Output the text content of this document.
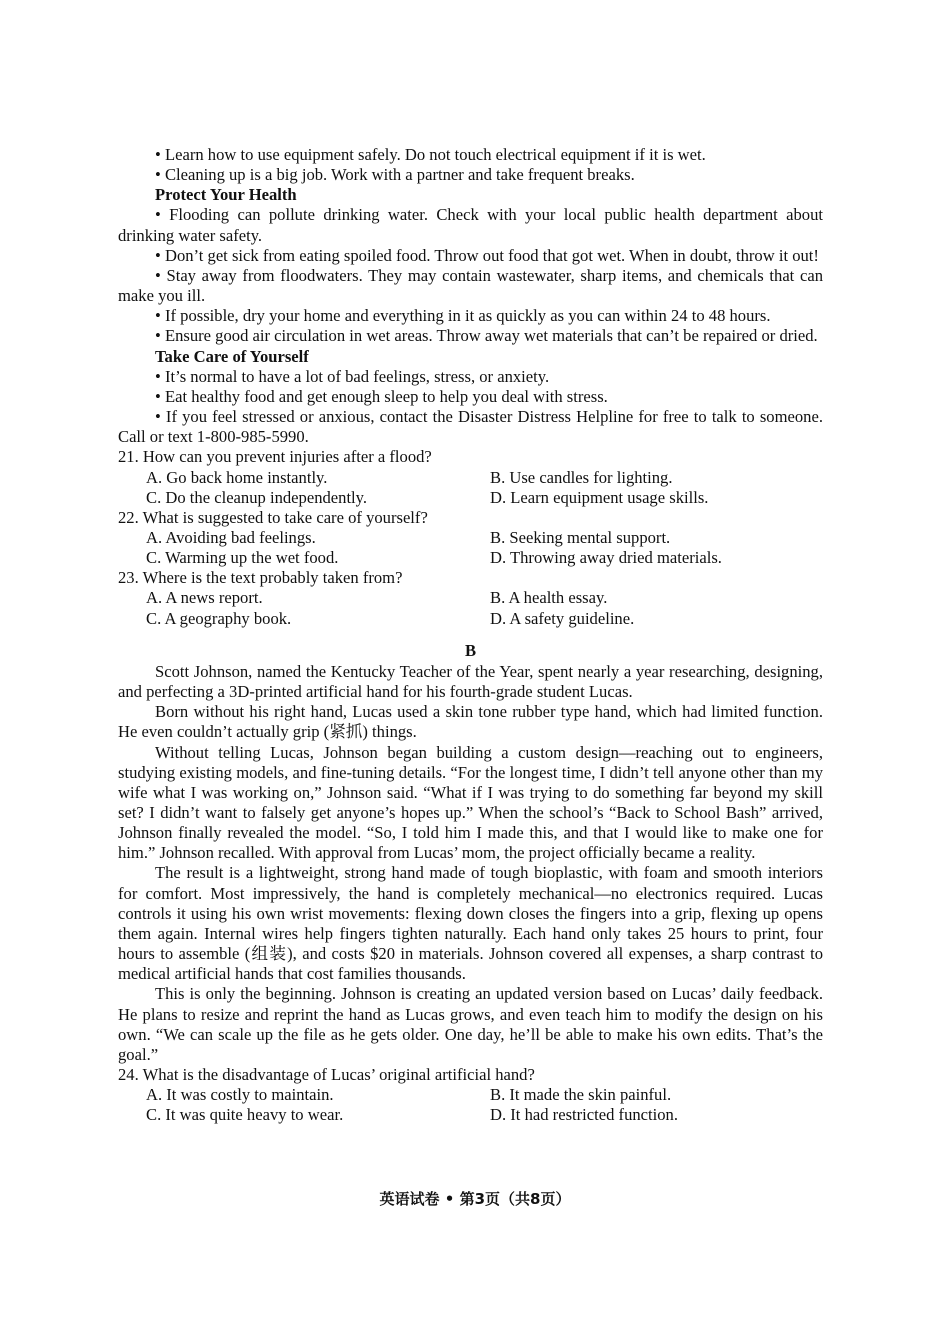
• Learn how to use equipment safely. Do not touch electrical equipment if it is wet.
• Cleaning up is a big job. Work with a partner and take frequent breaks.
Protect Your Health
• Flooding can pollute drinking water. Check with your local public health department about drinking water safety.
• Don’t get sick from eating spoiled food. Throw out food that got wet. When in doubt, throw it out!
• Stay away from floodwaters. They may contain wastewater, sharp items, and chemicals that can make you ill.
• If possible, dry your home and everything in it as quickly as you can within 24 to 48 hours.
• Ensure good air circulation in wet areas. Throw away wet materials that can’t be repaired or dried.
Take Care of Yourself
• It’s normal to have a lot of bad feelings, stress, or anxiety.
• Eat healthy food and get enough sleep to help you deal with stress.
• If you feel stressed or anxious, contact the Disaster Distress Helpline for free to talk to someone. Call or text 1-800-985-5990.
21. How can you prevent injuries after a flood?
A. Go back home instantly.	B. Use candles for lighting.
C. Do the cleanup independently.	D. Learn equipment usage skills.
22. What is suggested to take care of yourself?
A. Avoiding bad feelings.	B. Seeking mental support.
C. Warming up the wet food.	D. Throwing away dried materials.
23. Where is the text probably taken from?
A. A news report.	B. A health essay.
C. A geography book.	D. A safety guideline.
B
Scott Johnson, named the Kentucky Teacher of the Year, spent nearly a year researching, designing, and perfecting a 3D-printed artificial hand for his fourth-grade student Lucas.
Born without his right hand, Lucas used a skin tone rubber type hand, which had limited function. He even couldn’t actually grip (紧抓) things.
Without telling Lucas, Johnson began building a custom design—reaching out to engineers, studying existing models, and fine-tuning details. “For the longest time, I didn’t tell anyone other than my wife what I was working on,” Johnson said. “What if I was trying to do something far beyond my skill set? I didn’t want to falsely get anyone’s hopes up.” When the school’s “Back to School Bash” arrived, Johnson finally revealed the model. “So, I told him I made this, and that I would like to make one for him.” Johnson recalled. With approval from Lucas’ mom, the project officially became a reality.
The result is a lightweight, strong hand made of tough bioplastic, with foam and smooth interiors for comfort. Most impressively, the hand is completely mechanical—no electronics required. Lucas controls it using his own wrist movements: flexing down closes the fingers into a grip, flexing up opens them again. Internal wires help fingers tighten naturally. Each hand only takes 25 hours to print, four hours to assemble (组装), and costs $20 in materials. Johnson covered all expenses, a sharp contrast to medical artificial hands that cost families thousands.
This is only the beginning. Johnson is creating an updated version based on Lucas’ daily feedback. He plans to resize and reprint the hand as Lucas grows, and even teach him to modify the design on his own. “We can scale up the file as he gets older. One day, he’ll be able to make his own edits. That’s the goal.”
24. What is the disadvantage of Lucas’ original artificial hand?
A. It was costly to maintain.	B. It made the skin painful.
C. It was quite heavy to wear.	D. It had restricted function.
英语试卷 • 第3页（共8页）
